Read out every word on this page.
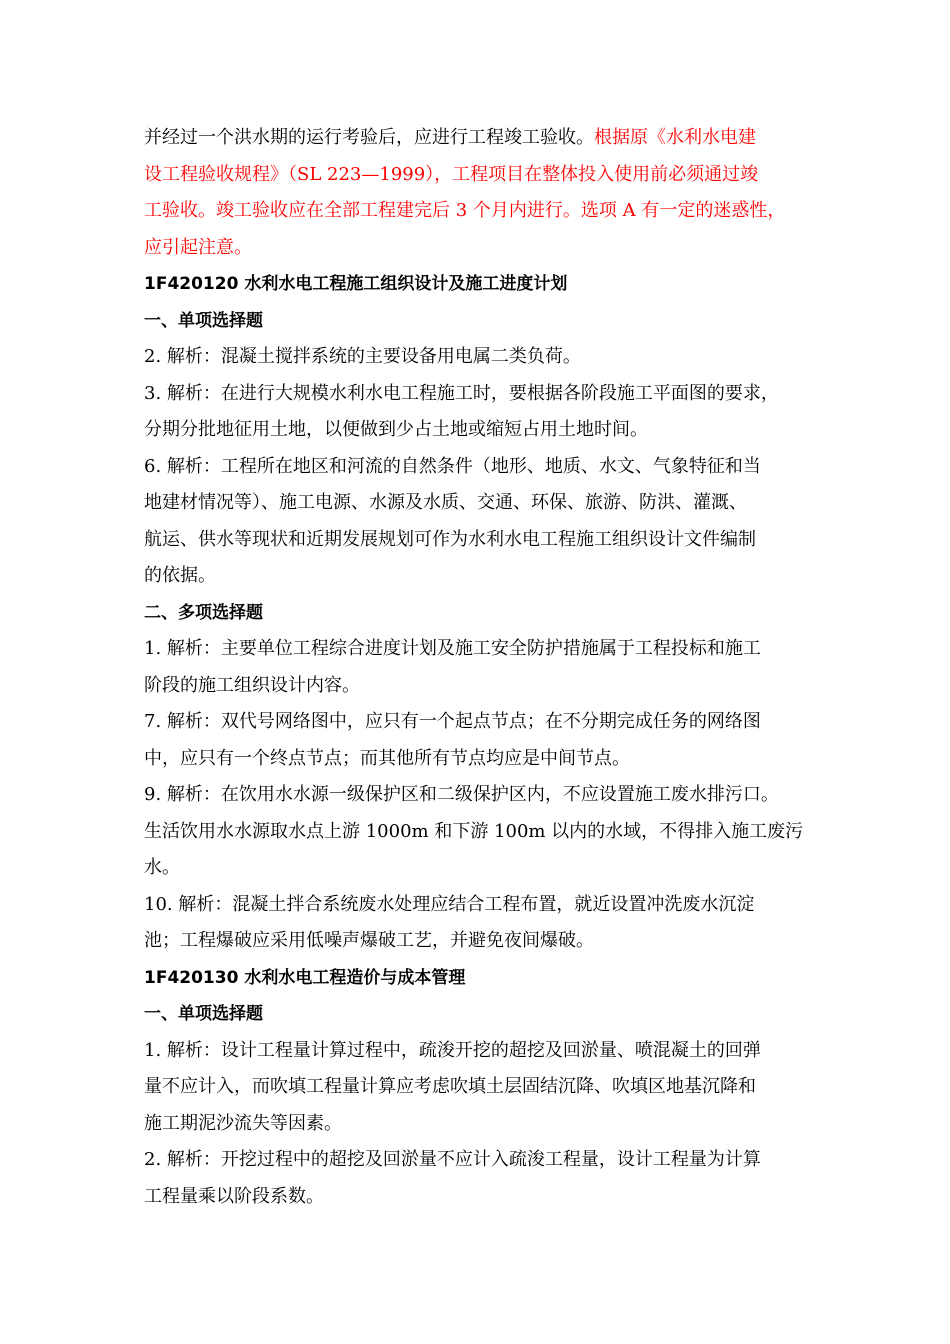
并经过一个洪水期的运行考验后，应进行工程竣工验收。根据原《水利水电建
设工程验收规程》（SL 223—1999），工程项目在整体投入使用前必须通过竣
工验收。竣工验收应在全部工程建完后 3 个月内进行。选项 A 有一定的迷惑性，
应引起注意。
1F420120 水利水电工程施工组织设计及施工进度计划
一、单项选择题
2. 解析：混凝土搅拌系统的主要设备用电属二类负荷。
3. 解析：在进行大规模水利水电工程施工时，要根据各阶段施工平面图的要求，
分期分批地征用土地，以便做到少占土地或缩短占用土地时间。
6. 解析：工程所在地区和河流的自然条件（地形、地质、水文、气象特征和当
地建材情况等）、施工电源、水源及水质、交通、环保、旅游、防洪、灌溉、
航运、供水等现状和近期发展规划可作为水利水电工程施工组织设计文件编制
的依据。
二、多项选择题
1. 解析：主要单位工程综合进度计划及施工安全防护措施属于工程投标和施工
阶段的施工组织设计内容。
7. 解析：双代号网络图中，应只有一个起点节点；在不分期完成任务的网络图
中，应只有一个终点节点；而其他所有节点均应是中间节点。
9. 解析：在饮用水水源一级保护区和二级保护区内，不应设置施工废水排污口。
生活饮用水水源取水点上游 1000m 和下游 100m 以内的水域，不得排入施工废污
水。
10. 解析：混凝土拌合系统废水处理应结合工程布置，就近设置冲洗废水沉淀
池；工程爆破应采用低噪声爆破工艺，并避免夜间爆破。
1F420130 水利水电工程造价与成本管理
一、单项选择题
1. 解析：设计工程量计算过程中，疏浚开挖的超挖及回淤量、喷混凝土的回弹
量不应计入，而吹填工程量计算应考虑吹填土层固结沉降、吹填区地基沉降和
施工期泥沙流失等因素。
2. 解析：开挖过程中的超挖及回淤量不应计入疏浚工程量，设计工程量为计算
工程量乘以阶段系数。
